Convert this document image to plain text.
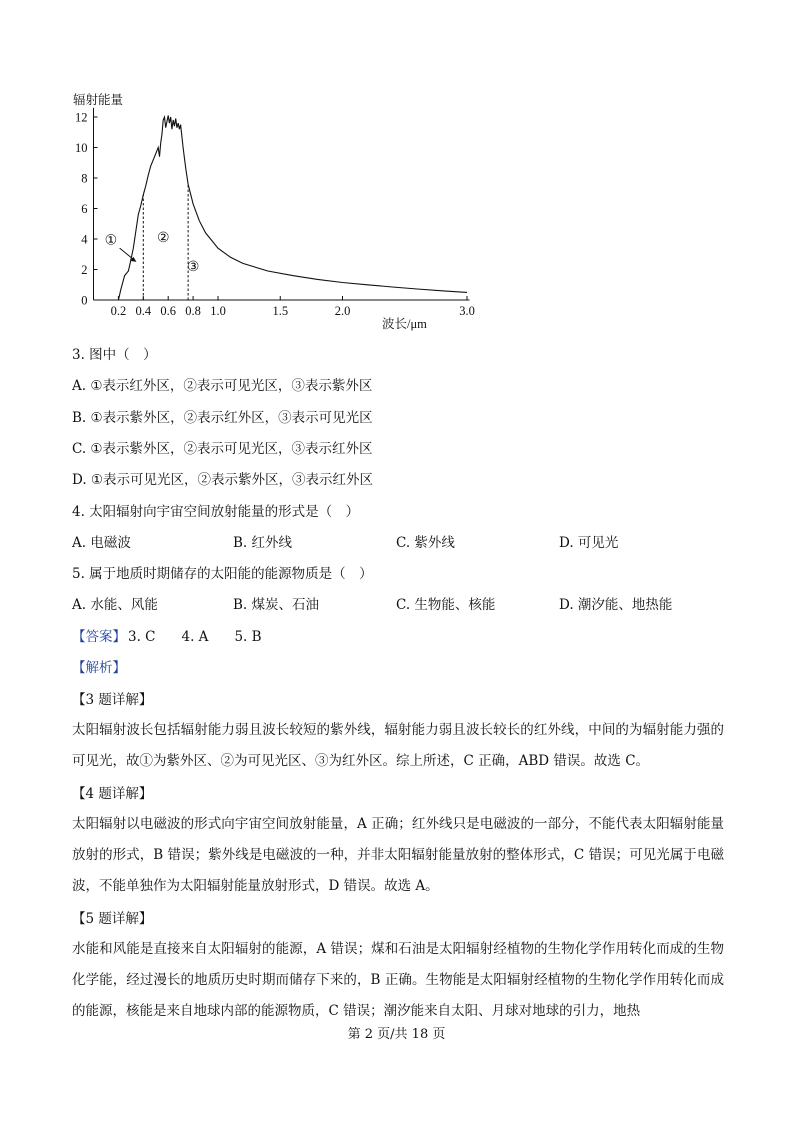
辐射能量
波长/μm
0
2
4
6
8
10
12
0.2 0.4 0.6 0.8 1.0	1.5	2.0	3.0
①	②
③
3. 图中（　）
A. ①表示红外区，②表示可见光区，③表示紫外区
B. ①表示紫外区，②表示红外区，③表示可见光区
C. ①表示紫外区，②表示可见光区，③表示红外区
D. ①表示可见光区，②表示紫外区，③表示红外区
4. 太阳辐射向宇宙空间放射能量的形式是（　）
A. 电磁波	B. 红外线	C. 紫外线	D. 可见光
5. 属于地质时期储存的太阳能的能源物质是（　）
A. 水能、风能	B. 煤炭、石油	C. 生物能、核能	D. 潮汐能、地热能
【答案】 3. C 4. A 5. B
【解析】
【3 题详解】
太阳辐射波长包括辐射能力弱且波长较短的紫外线，辐射能力弱且波长较长的红外线，中间的为辐射能力强的可见光，故①为紫外区、②为可见光区、③为红外区。综上所述，C 正确，ABD 错误。故选 C。
【4 题详解】
太阳辐射以电磁波的形式向宇宙空间放射能量，A 正确；红外线只是电磁波的一部分，不能代表太阳辐射能量放射的形式，B 错误；紫外线是电磁波的一种，并非太阳辐射能量放射的整体形式，C 错误；可见光属于电磁波，不能单独作为太阳辐射能量放射形式，D 错误。故选 A。
【5 题详解】
水能和风能是直接来自太阳辐射的能源，A 错误；煤和石油是太阳辐射经植物的生物化学作用转化而成的生物化学能，经过漫长的地质历史时期而储存下来的，B 正确。生物能是太阳辐射经植物的生物化学作用转化而成的能源，核能是来自地球内部的能源物质，C 错误；潮汐能来自太阳、月球对地球的引力，地热
第 2 页/共 18 页
